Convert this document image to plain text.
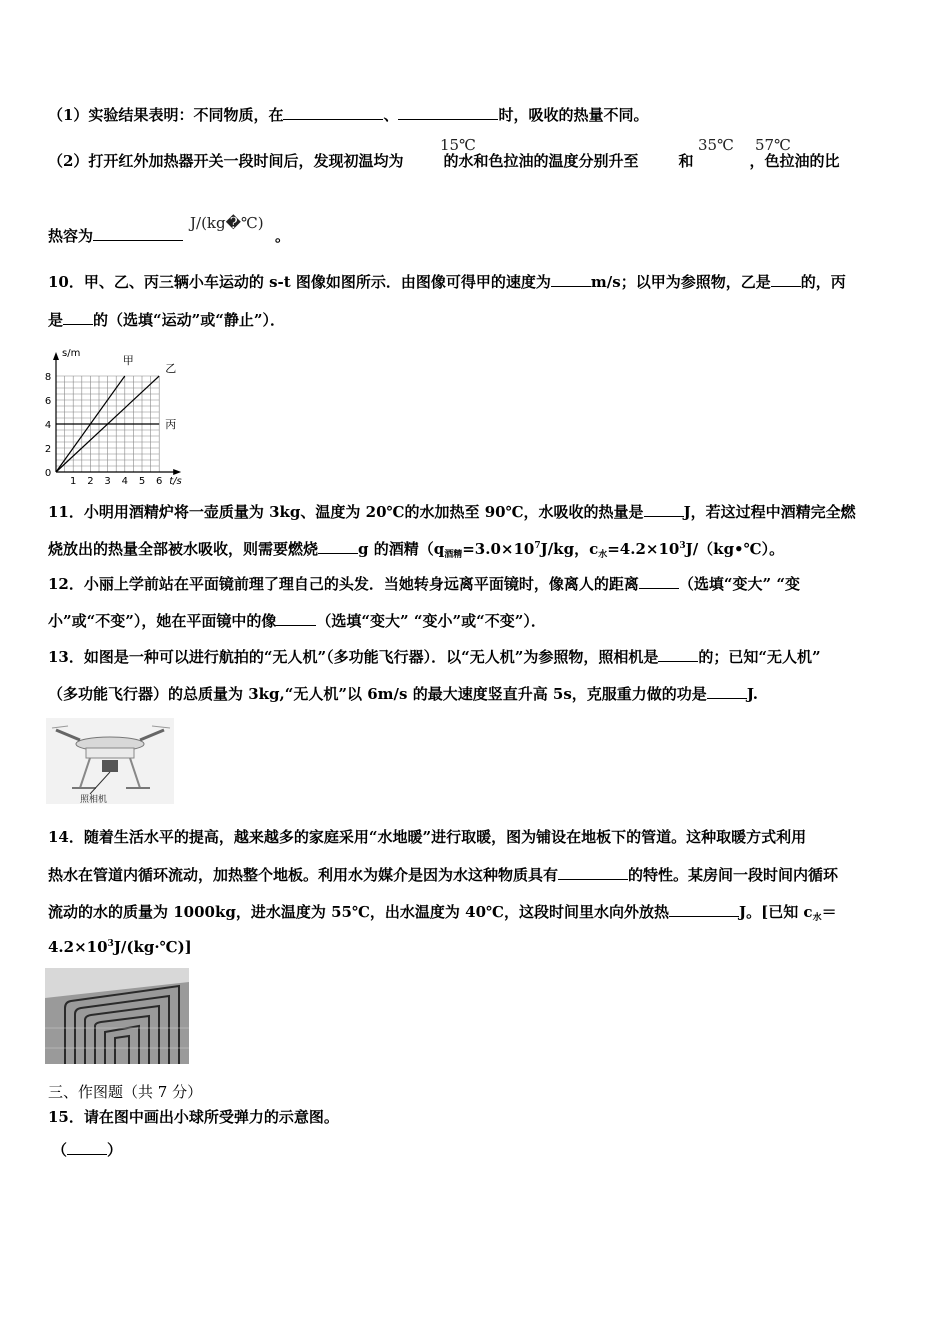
（1）实验结果表明：不同物质，在	、	时，吸收的热量不同。
（2）打开红外加热器开关一段时间后，发现初温均为	的水和色拉油的温度分别升至	和	，色拉油的比
15℃	35℃ 57℃
热容为	。
J/(kg�℃)
10．甲、乙、丙三辆小车运动的 s-t 图像如图所示．由图像可得甲的速度为	m/s；以甲为参照物，乙是 的，丙
是 的（选填“运动”或“静止”）．
1 2 3 4 5 6
2
4
6
8
0
s/m
t/s
甲
乙
丙
11．小明用酒精炉将一壶质量为 3kg、温度为 20℃的水加热至 90℃，水吸收的热量是	J，若这过程中酒精完全燃
烧放出的热量全部被水吸收，则需要燃烧	g 的酒精（$q_{酒精}=3.0\times 10^7J/kg$，$c_水=4.2\times 10^3J/(kg•℃)$。
12．小丽上学前站在平面镜前理了理自己的头发．当她转身远离平面镜时，像离人的距离	（选填“变大” “变
小”或“不变”），她在平面镜中的像	（选填“变大” “变小”或“不变”）．
13．如图是一种可以进行航拍的“无人机”（多功能飞行器）．以“无人机”为参照物，照相机是	的；已知“无人机”
（多功能飞行器）的总质量为 3kg,“无人机”以 6m/s 的最大速度竖直升高 5s，克服重力做的功是	J.
照相机
14．随着生活水平的提高，越来越多的家庭采用“水地暖”进行取暖，图为铺设在地板下的管道。这种取暖方式利用
热水在管道内循环流动，加热整个地板。利用水为媒介是因为水这种物质具有	的特性。某房间一段时间内循环
流动的水的质量为 1000kg，进水温度为 55℃，出水温度为 40℃，这段时间里水向外放热	J。[已知 $c_水=$
$4.2\times 10^3J/(kg\cdot℃)$]
三、作图题（共 7 分）
15．请在图中画出小球所受弹力的示意图。
（	）
